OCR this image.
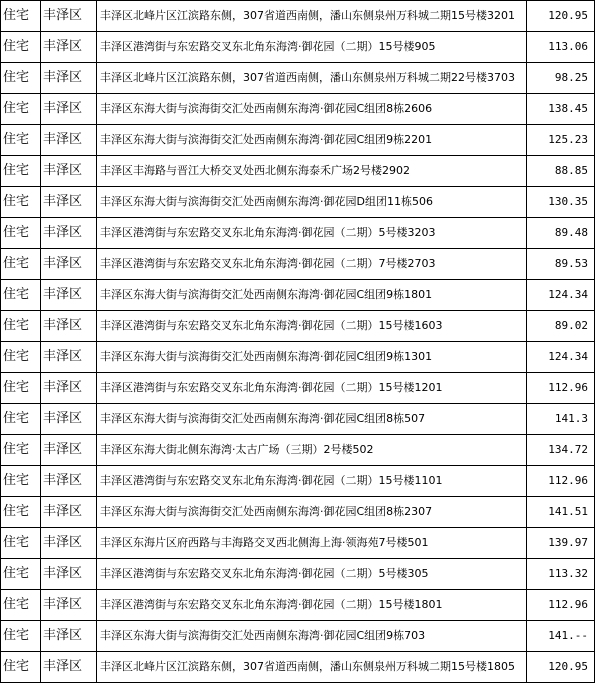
住宅	丰泽区	丰泽区北峰片区江滨路东侧，307省道西南侧，潘山东侧泉州万科城二期15号楼3201	120.95
住宅	丰泽区	丰泽区港湾街与东宏路交叉东北角东海湾·御花园（二期）15号楼905	113.06
住宅	丰泽区	丰泽区北峰片区江滨路东侧，307省道西南侧，潘山东侧泉州万科城二期22号楼3703	98.25
住宅	丰泽区	丰泽区东海大街与滨海街交汇处西南侧东海湾·御花园C组团8栋2606	138.45
住宅	丰泽区	丰泽区东海大街与滨海街交汇处西南侧东海湾·御花园C组团9栋2201	125.23
住宅	丰泽区	丰泽区丰海路与晋江大桥交叉处西北侧东海泰禾广场2号楼2902	88.85
住宅	丰泽区	丰泽区东海大街与滨海街交汇处西南侧东海湾·御花园D组团11栋506	130.35
住宅	丰泽区	丰泽区港湾街与东宏路交叉东北角东海湾·御花园（二期）5号楼3203	89.48
住宅	丰泽区	丰泽区港湾街与东宏路交叉东北角东海湾·御花园（二期）7号楼2703	89.53
住宅	丰泽区	丰泽区东海大街与滨海街交汇处西南侧东海湾·御花园C组团9栋1801	124.34
住宅	丰泽区	丰泽区港湾街与东宏路交叉东北角东海湾·御花园（二期）15号楼1603	89.02
住宅	丰泽区	丰泽区东海大街与滨海街交汇处西南侧东海湾·御花园C组团9栋1301	124.34
住宅	丰泽区	丰泽区港湾街与东宏路交叉东北角东海湾·御花园（二期）15号楼1201	112.96
住宅	丰泽区	丰泽区东海大街与滨海街交汇处西南侧东海湾·御花园C组团8栋507	141.3
住宅	丰泽区	丰泽区东海大街北侧东海湾·太古广场（三期）2号楼502	134.72
住宅	丰泽区	丰泽区港湾街与东宏路交叉东北角东海湾·御花园（二期）15号楼1101	112.96
住宅	丰泽区	丰泽区东海大街与滨海街交汇处西南侧东海湾·御花园C组团8栋2307	141.51
住宅	丰泽区	丰泽区东海片区府西路与丰海路交叉西北侧海上海·领海苑7号楼501	139.97
住宅	丰泽区	丰泽区港湾街与东宏路交叉东北角东海湾·御花园（二期）5号楼305	113.32
住宅	丰泽区	丰泽区港湾街与东宏路交叉东北角东海湾·御花园（二期）15号楼1801	112.96
住宅	丰泽区	丰泽区东海大街与滨海街交汇处西南侧东海湾·御花园C组团9栋703	141.--
住宅	丰泽区	丰泽区北峰片区江滨路东侧，307省道西南侧，潘山东侧泉州万科城二期15号楼1805	120.95
